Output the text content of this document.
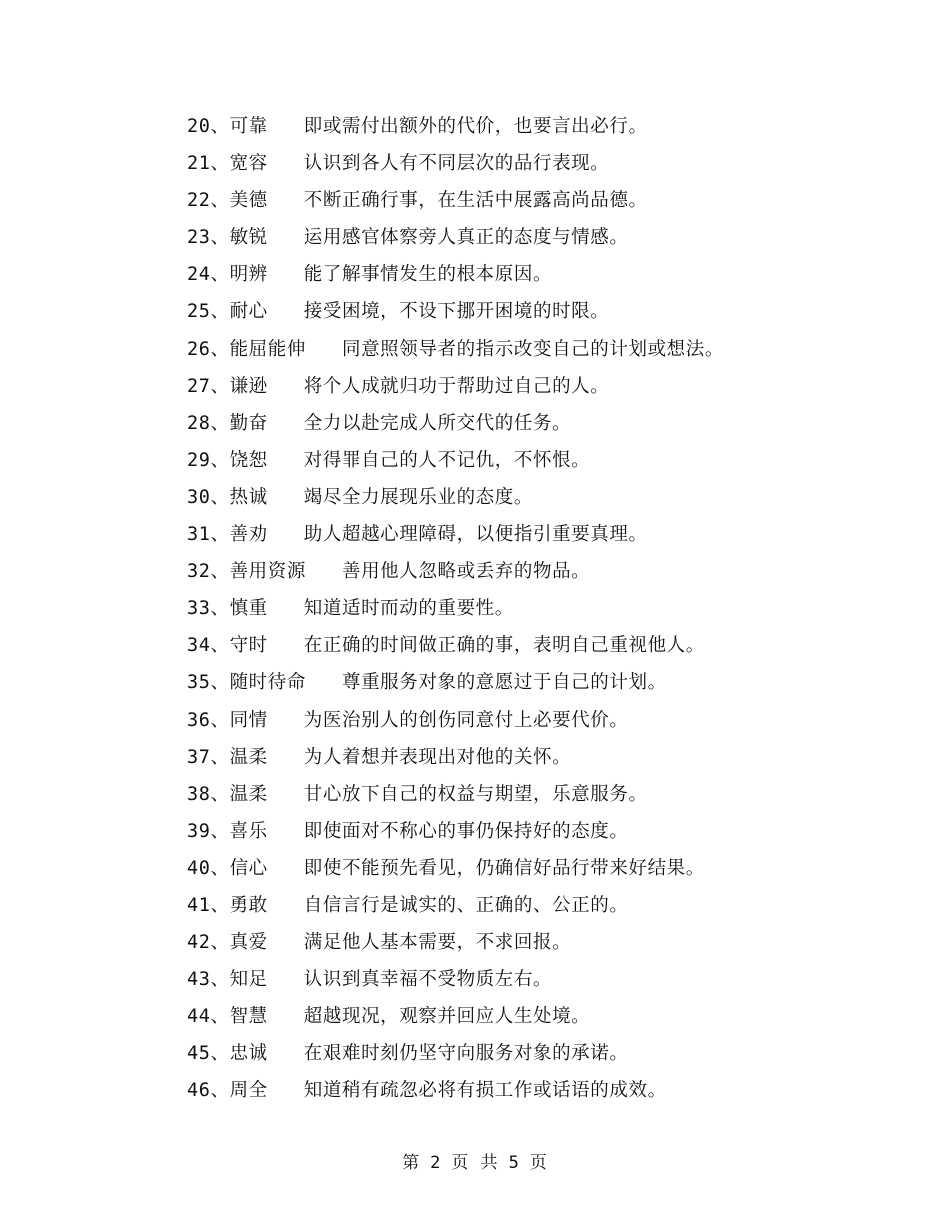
20、可靠 即或需付出额外的代价，也要言出必行。
21、宽容 认识到各人有不同层次的品行表现。
22、美德 不断正确行事，在生活中展露高尚品德。
23、敏锐 运用感官体察旁人真正的态度与情感。
24、明辨 能了解事情发生的根本原因。
25、耐心 接受困境，不设下挪开困境的时限。
26、能屈能伸 同意照领导者的指示改变自己的计划或想法。
27、谦逊 将个人成就归功于帮助过自己的人。
28、勤奋 全力以赴完成人所交代的任务。
29、饶恕 对得罪自己的人不记仇，不怀恨。
30、热诚 竭尽全力展现乐业的态度。
31、善劝 助人超越心理障碍，以便指引重要真理。
32、善用资源 善用他人忽略或丢弃的物品。
33、慎重 知道适时而动的重要性。
34、守时 在正确的时间做正确的事，表明自己重视他人。
35、随时待命 尊重服务对象的意愿过于自己的计划。
36、同情 为医治别人的创伤同意付上必要代价。
37、温柔 为人着想并表现出对他的关怀。
38、温柔 甘心放下自己的权益与期望，乐意服务。
39、喜乐 即使面对不称心的事仍保持好的态度。
40、信心 即使不能预先看见，仍确信好品行带来好结果。
41、勇敢 自信言行是诚实的、正确的、公正的。
42、真爱 满足他人基本需要，不求回报。
43、知足 认识到真幸福不受物质左右。
44、智慧 超越现况，观察并回应人生处境。
45、忠诚 在艰难时刻仍坚守向服务对象的承诺。
46、周全 知道稍有疏忽必将有损工作或话语的成效。
第 2 页 共 5 页
